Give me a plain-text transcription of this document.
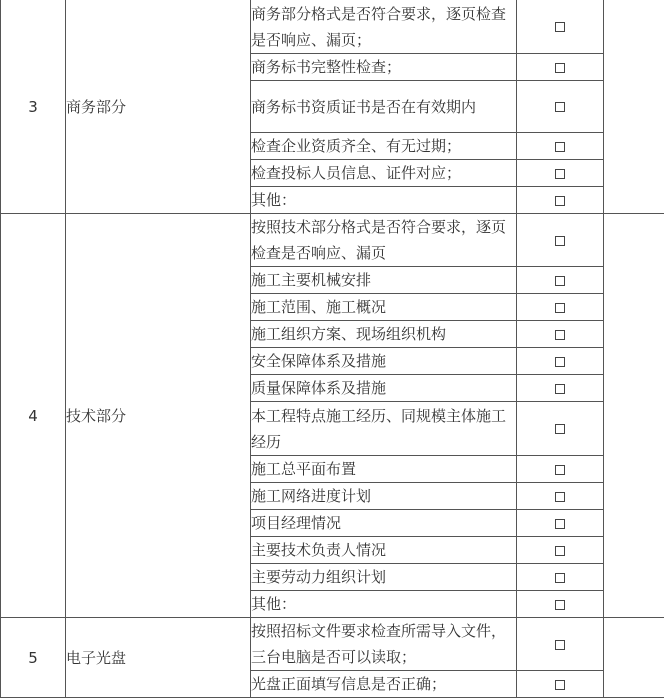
3	商务部分	商务部分格式是否符合要求，逐页检查是否响应、漏页；		

		商务标书完整性检查；		

		商务标书资质证书是否在有效期内		

		检查企业资质齐全、有无过期；		

		检查投标人员信息、证件对应；		

		其他：		

4	技术部分	按照技术部分格式是否符合要求，逐页检查是否响应、漏页		

		施工主要机械安排		

		施工范围、施工概况		

		施工组织方案、现场组织机构		

		安全保障体系及措施		

		质量保障体系及措施		

		本工程特点施工经历、同规模主体施工经历		

		施工总平面布置		

		施工网络进度计划		

		项目经理情况		

		主要技术负责人情况		

		主要劳动力组织计划		

		其他：		

5	电子光盘	按照招标文件要求检查所需导入文件，三台电脑是否可以读取；		

		光盘正面填写信息是否正确；		
